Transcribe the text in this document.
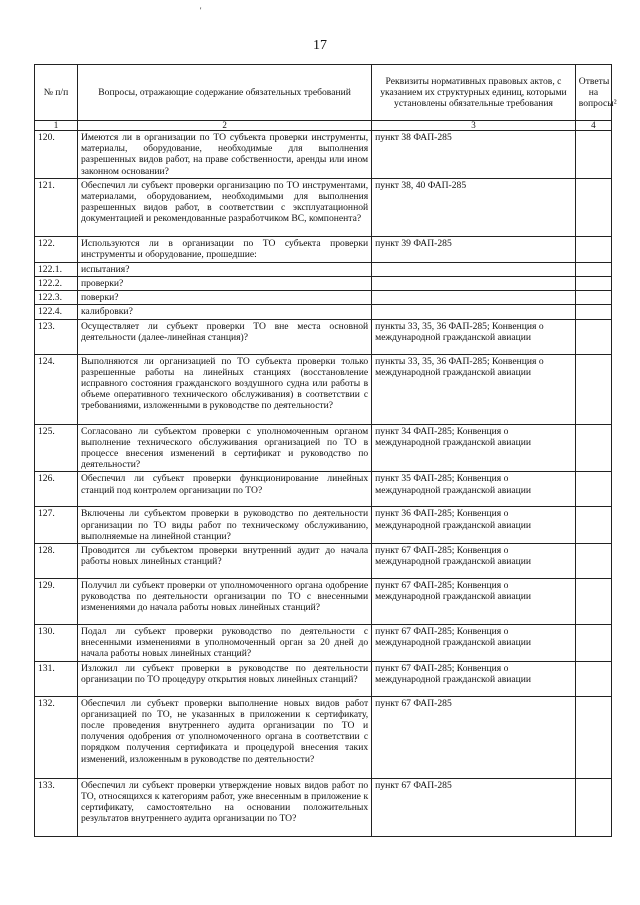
'
17
№ п/п	Вопросы, отражающие содержание обязательных требований	Реквизиты нормативных правовых актов, с указанием их структурных единиц, которыми установлены обязательные требования	Ответы на вопросы²
1	2	3	4
120.	Имеются ли в организации по ТО субъекта проверки инструменты, материалы, оборудование, необходимые для выполнения разрешенных видов работ, на праве собственности, аренды или ином законном основании?	пункт 38 ФАП-285	
121.	Обеспечил ли субъект проверки организацию по ТО инструментами, материалами, оборудованием, необходимыми для выполнения разрешенных видов работ, в соответствии с эксплуатационной документацией и рекомендованные разработчиком ВС, компонента?	пункт 38, 40 ФАП-285	
122.	Используются ли в организации по ТО субъекта проверки инструменты и оборудование, прошедшие:	пункт 39 ФАП-285	
122.1.	испытания?		
122.2.	проверки?		
122.3.	поверки?		
122.4.	калибровки?		
123.	Осуществляет ли субъект проверки ТО вне места основной деятельности (далее-линейная станция)?	пункты 33, 35, 36 ФАП-285; Конвенция о международной гражданской авиации	
124.	Выполняются ли организацией по ТО субъекта проверки только разрешенные работы на линейных станциях (восстановление исправного состояния гражданского воздушного судна или работы в объеме оперативного технического обслуживания) в соответствии с требованиями, изложенными в руководстве по деятельности?	пункты 33, 35, 36 ФАП-285; Конвенция о международной гражданской авиации	
125.	Согласовано ли субъектом проверки с уполномоченным органом выполнение технического обслуживания организацией по ТО в процессе внесения изменений в сертификат и руководство по деятельности?	пункт 34 ФАП-285; Конвенция о международной гражданской авиации	
126.	Обеспечил ли субъект проверки функционирование линейных станций под контролем организации по ТО?	пункт 35 ФАП-285; Конвенция о международной гражданской авиации	
127.	Включены ли субъектом проверки в руководство по деятельности организации по ТО виды работ по техническому обслуживанию, выполняемые на линейной станции?	пункт 36 ФАП-285; Конвенция о международной гражданской авиации	
128.	Проводится ли субъектом проверки внутренний аудит до начала работы новых линейных станций?	пункт 67 ФАП-285; Конвенция о международной гражданской авиации	
129.	Получил ли субъект проверки от уполномоченного органа одобрение руководства по деятельности организации по ТО с внесенными изменениями до начала работы новых линейных станций?	пункт 67 ФАП-285; Конвенция о международной гражданской авиации	
130.	Подал ли субъект проверки руководство по деятельности с внесенными изменениями в уполномоченный орган за 20 дней до начала работы новых линейных станций?	пункт 67 ФАП-285; Конвенция о международной гражданской авиации	
131.	Изложил ли субъект проверки в руководстве по деятельности организации по ТО процедуру открытия новых линейных станций?	пункт 67 ФАП-285; Конвенция о международной гражданской авиации	
132.	Обеспечил ли субъект проверки выполнение новых видов работ организацией по ТО, не указанных в приложении к сертификату, после проведения внутреннего аудита организации по ТО и получения одобрения от уполномоченного органа в соответствии с порядком получения сертификата и процедурой внесения таких изменений, изложенным в руководстве по деятельности?	пункт 67 ФАП-285	
133.	Обеспечил ли субъект проверки утверждение новых видов работ по ТО, относящихся к категориям работ, уже внесенным в приложение к сертификату, самостоятельно на основании положительных результатов внутреннего аудита организации по ТО?	пункт 67 ФАП-285	
